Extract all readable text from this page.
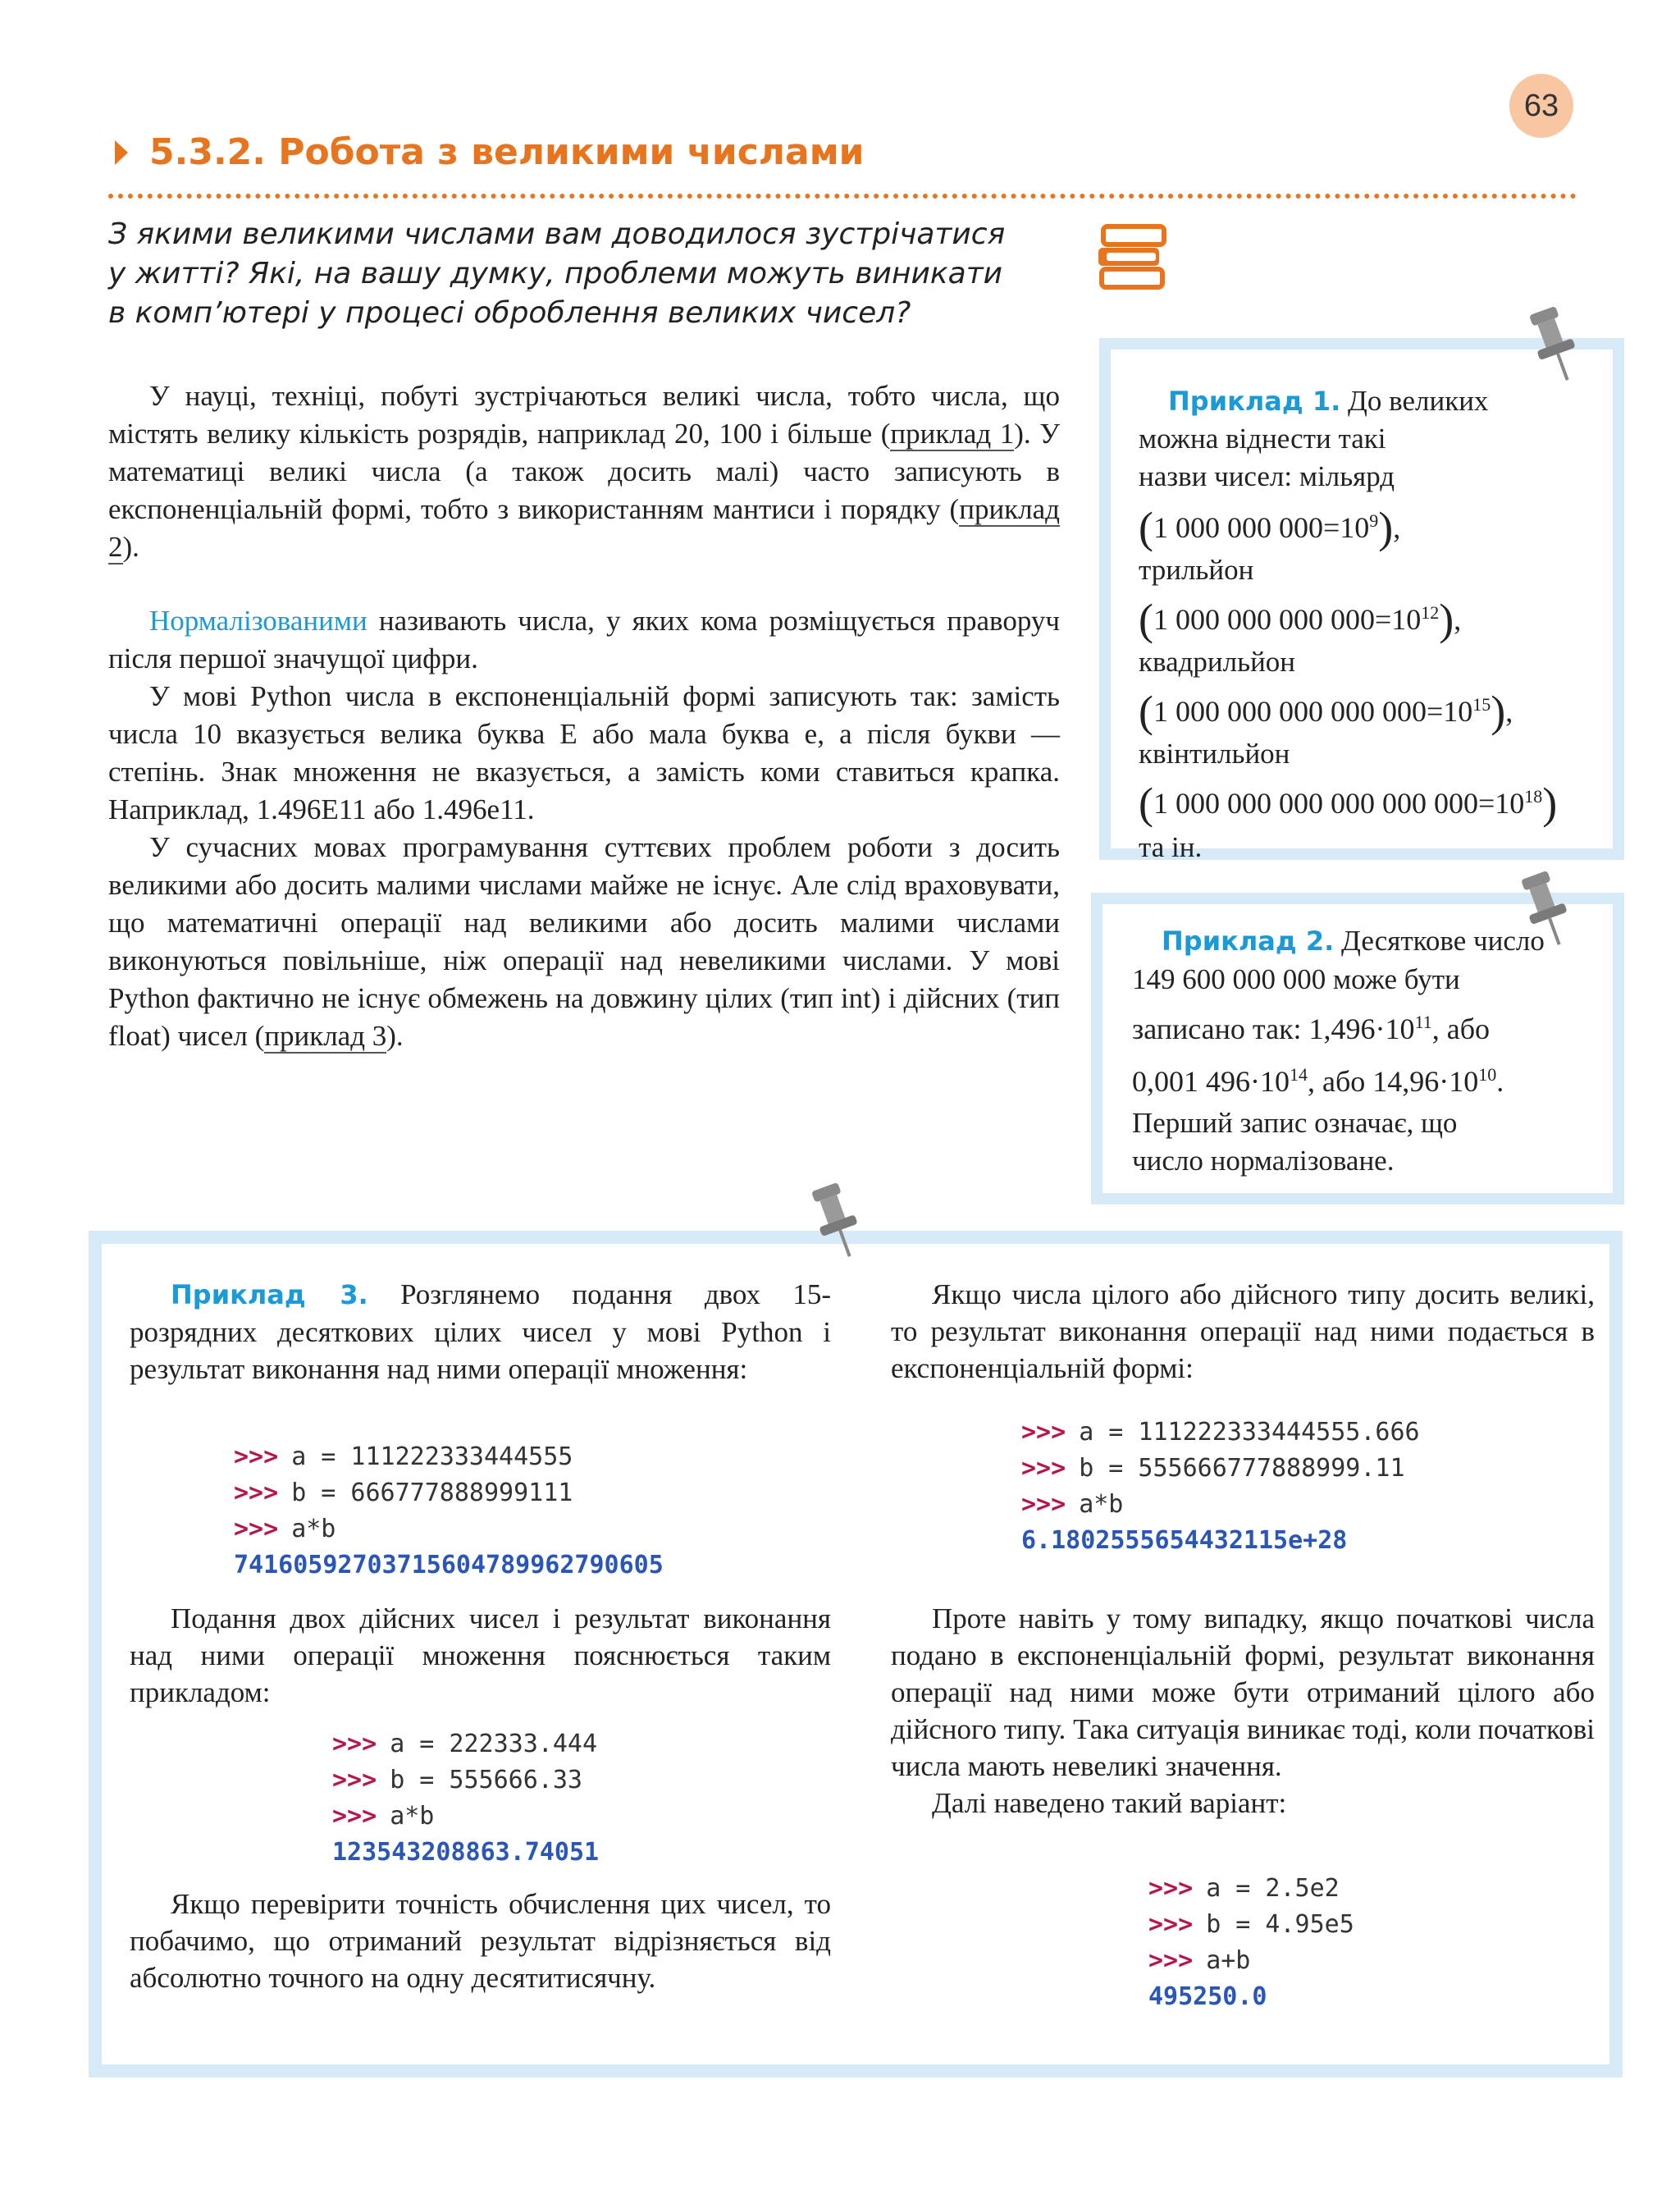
63
5.3.2. Робота з великими числами
З якими великими числами вам доводилося зустрічатися
у житті? Які, на вашу думку, проблеми можуть виникати
в комп’ютері у процесі оброблення великих чисел?

У науці, техніці, побуті зустрічаються великі числа, тобто числа, що містять велику кількість розрядів, наприклад 20, 100 і більше (приклад 1). У математиці великі числа (а також досить малі) часто записують в експоненціальній формі, тобто з використанням мантиси і порядку (приклад 2).

Нормалізованими називають числа, у яких кома розміщується праворуч після першої значущої цифри.

У мові Python числа в експоненціальній формі записують так: замість числа 10 вказується велика буква E або мала буква e, а після букви — степінь. Знак множення не вказується, а замість коми ставиться крапка. Наприклад, 1.496E11 або 1.496e11.

У сучасних мовах програмування суттєвих проблем роботи з досить великими або досить малими числами майже не існує. Але слід враховувати, що математичні операції над великими або досить малими числами виконуються повільніше, ніж операції над невеликими числами. У мові Python фактично не існує обмежень на довжину цілих (тип int) і дійсних (тип float) чисел (приклад 3).

Приклад 1. До великих
можна віднести такі
назви чисел: мільярд
(1 000 000 $000=10^9$),
трильйон
(1 000 000 000 $000=10^{12}$),
квадрильйон
(1 000 000 000 000 $000=10^{15}$),
квінтильйон
(1 000 000 000 000 000 $000=10^{18}$)
та ін.
Приклад 2. Десяткове число
149 600 000 000 може бути
записано так: $1,496\cdot 10^{11}$, або
0,001 $496\cdot 10^{14}$, або $14,96\cdot 10^{10}$.
Перший запис означає, що
число нормалізоване.

Приклад 3. Розглянемо подання двох 15-розрядних десяткових цілих чисел у мові Python і результат виконання над ними операції множення:

>>> a = 111222333444555
>>> b = 666777888999111
>>> a*b
74160592703715604789962790605

Подання двох дійсних чисел і результат виконання над ними операції множення пояснюється таким прикладом:

>>> a = 222333.444
>>> b = 555666.33
>>> a*b
123543208863.74051

Якщо перевірити точність обчислення цих чисел, то побачимо, що отриманий результат відрізняється від абсолютно точного на одну десятитисячну.

Якщо числа цілого або дійсного типу досить великі, то результат виконання операції над ними подається в експоненціальній формі:

>>> a = 111222333444555.666
>>> b = 555666777888999.11
>>> a*b
6.1802555654432115e+28

Проте навіть у тому випадку, якщо початкові числа подано в експоненціальній формі, результат виконання операції над ними може бути отриманий цілого або дійсного типу. Така ситуація виникає тоді, коли початкові числа мають невеликі значення.

Далі наведено такий варіант:

>>> a = 2.5e2
>>> b = 4.95e5
>>> a+b
495250.0
